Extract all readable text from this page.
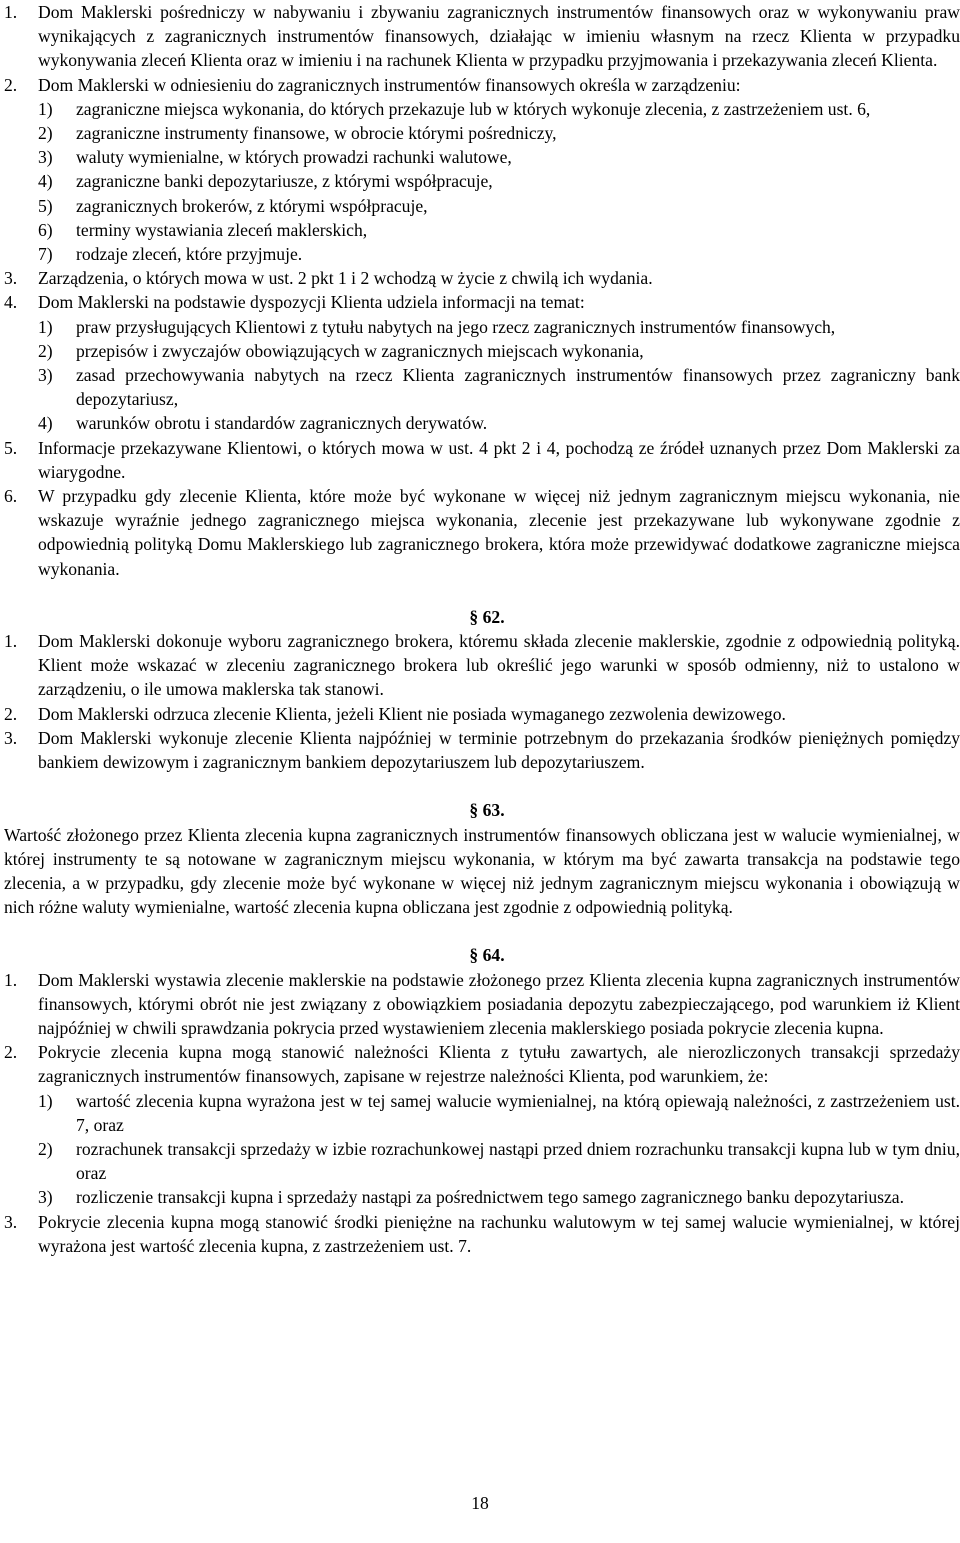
1.	Dom Maklerski pośredniczy w nabywaniu i zbywaniu zagranicznych instrumentów finansowych oraz w wykonywaniu praw wynikających z zagranicznych instrumentów finansowych, działając w imieniu własnym na rzecz Klienta w przypadku wykonywania zleceń Klienta oraz w imieniu i na rachunek Klienta w przypadku przyjmowania i przekazywania zleceń Klienta.
2.	Dom Maklerski w odniesieniu do zagranicznych instrumentów finansowych określa w zarządzeniu:
1)	zagraniczne miejsca wykonania, do których przekazuje lub w których wykonuje zlecenia, z zastrzeżeniem ust. 6,
2)	zagraniczne instrumenty finansowe, w obrocie którymi pośredniczy,
3)	waluty wymienialne, w których prowadzi rachunki walutowe,
4)	zagraniczne banki depozytariusze, z którymi współpracuje,
5)	zagranicznych brokerów, z którymi współpracuje,
6)	terminy wystawiania zleceń maklerskich,
7)	rodzaje zleceń, które przyjmuje.
3.	Zarządzenia, o których mowa w ust. 2 pkt 1 i 2 wchodzą w życie z chwilą ich wydania.
4.	Dom Maklerski na podstawie dyspozycji Klienta udziela informacji na temat:
1)	praw przysługujących Klientowi z tytułu nabytych na jego rzecz zagranicznych instrumentów finansowych,
2)	przepisów i zwyczajów obowiązujących w zagranicznych miejscach wykonania,
3)	zasad przechowywania nabytych na rzecz Klienta zagranicznych instrumentów finansowych przez zagraniczny bank depozytariusz,
4)	warunków obrotu i standardów zagranicznych derywatów.
5.	Informacje przekazywane Klientowi, o których mowa w ust. 4 pkt 2 i 4, pochodzą ze źródeł uznanych przez Dom Maklerski za wiarygodne.
6.	W przypadku gdy zlecenie Klienta, które może być wykonane w więcej niż jednym zagranicznym miejscu wykonania, nie wskazuje wyraźnie jednego zagranicznego miejsca wykonania, zlecenie jest przekazywane lub wykonywane zgodnie z odpowiednią polityką Domu Maklerskiego lub zagranicznego brokera, która może przewidywać dodatkowe zagraniczne miejsca wykonania.

§ 62.

1.	Dom Maklerski dokonuje wyboru zagranicznego brokera, któremu składa zlecenie maklerskie, zgodnie z odpowiednią polityką. Klient może wskazać w zleceniu zagranicznego brokera lub określić jego warunki w sposób odmienny, niż to ustalono w zarządzeniu, o ile umowa maklerska tak stanowi.
2.	Dom Maklerski odrzuca zlecenie Klienta, jeżeli Klient nie posiada wymaganego zezwolenia dewizowego.
3.	Dom Maklerski wykonuje zlecenie Klienta najpóźniej w terminie potrzebnym do przekazania środków pieniężnych pomiędzy bankiem dewizowym i zagranicznym bankiem depozytariuszem lub depozytariuszem.

§ 63.

Wartość złożonego przez Klienta zlecenia kupna zagranicznych instrumentów finansowych obliczana jest w walucie wymienialnej, w której instrumenty te są notowane w zagranicznym miejscu wykonania, w którym ma być zawarta transakcja na podstawie tego zlecenia, a w przypadku, gdy zlecenie może być wykonane w więcej niż jednym zagranicznym miejscu wykonania i obowiązują w nich różne waluty wymienialne, wartość zlecenia kupna obliczana jest zgodnie z odpowiednią polityką.

§ 64.

1.	Dom Maklerski wystawia zlecenie maklerskie na podstawie złożonego przez Klienta zlecenia kupna zagranicznych instrumentów finansowych, którymi obrót nie jest związany z obowiązkiem posiadania depozytu zabezpieczającego, pod warunkiem iż Klient najpóźniej w chwili sprawdzania pokrycia przed wystawieniem zlecenia maklerskiego posiada pokrycie zlecenia kupna.
2.	Pokrycie zlecenia kupna mogą stanowić należności Klienta z tytułu zawartych, ale nierozliczonych transakcji sprzedaży zagranicznych instrumentów finansowych, zapisane w rejestrze należności Klienta, pod warunkiem, że:
1)	wartość zlecenia kupna wyrażona jest w tej samej walucie wymienialnej, na którą opiewają należności, z zastrzeżeniem ust. 7, oraz
2)	rozrachunek transakcji sprzedaży w izbie rozrachunkowej nastąpi przed dniem rozrachunku transakcji kupna lub w tym dniu, oraz
3)	rozliczenie transakcji kupna i sprzedaży nastąpi za pośrednictwem tego samego zagranicznego banku depozytariusza.
3.	Pokrycie zlecenia kupna mogą stanowić środki pieniężne na rachunku walutowym w tej samej walucie wymienialnej, w której wyrażona jest wartość zlecenia kupna, z zastrzeżeniem ust. 7.
18
